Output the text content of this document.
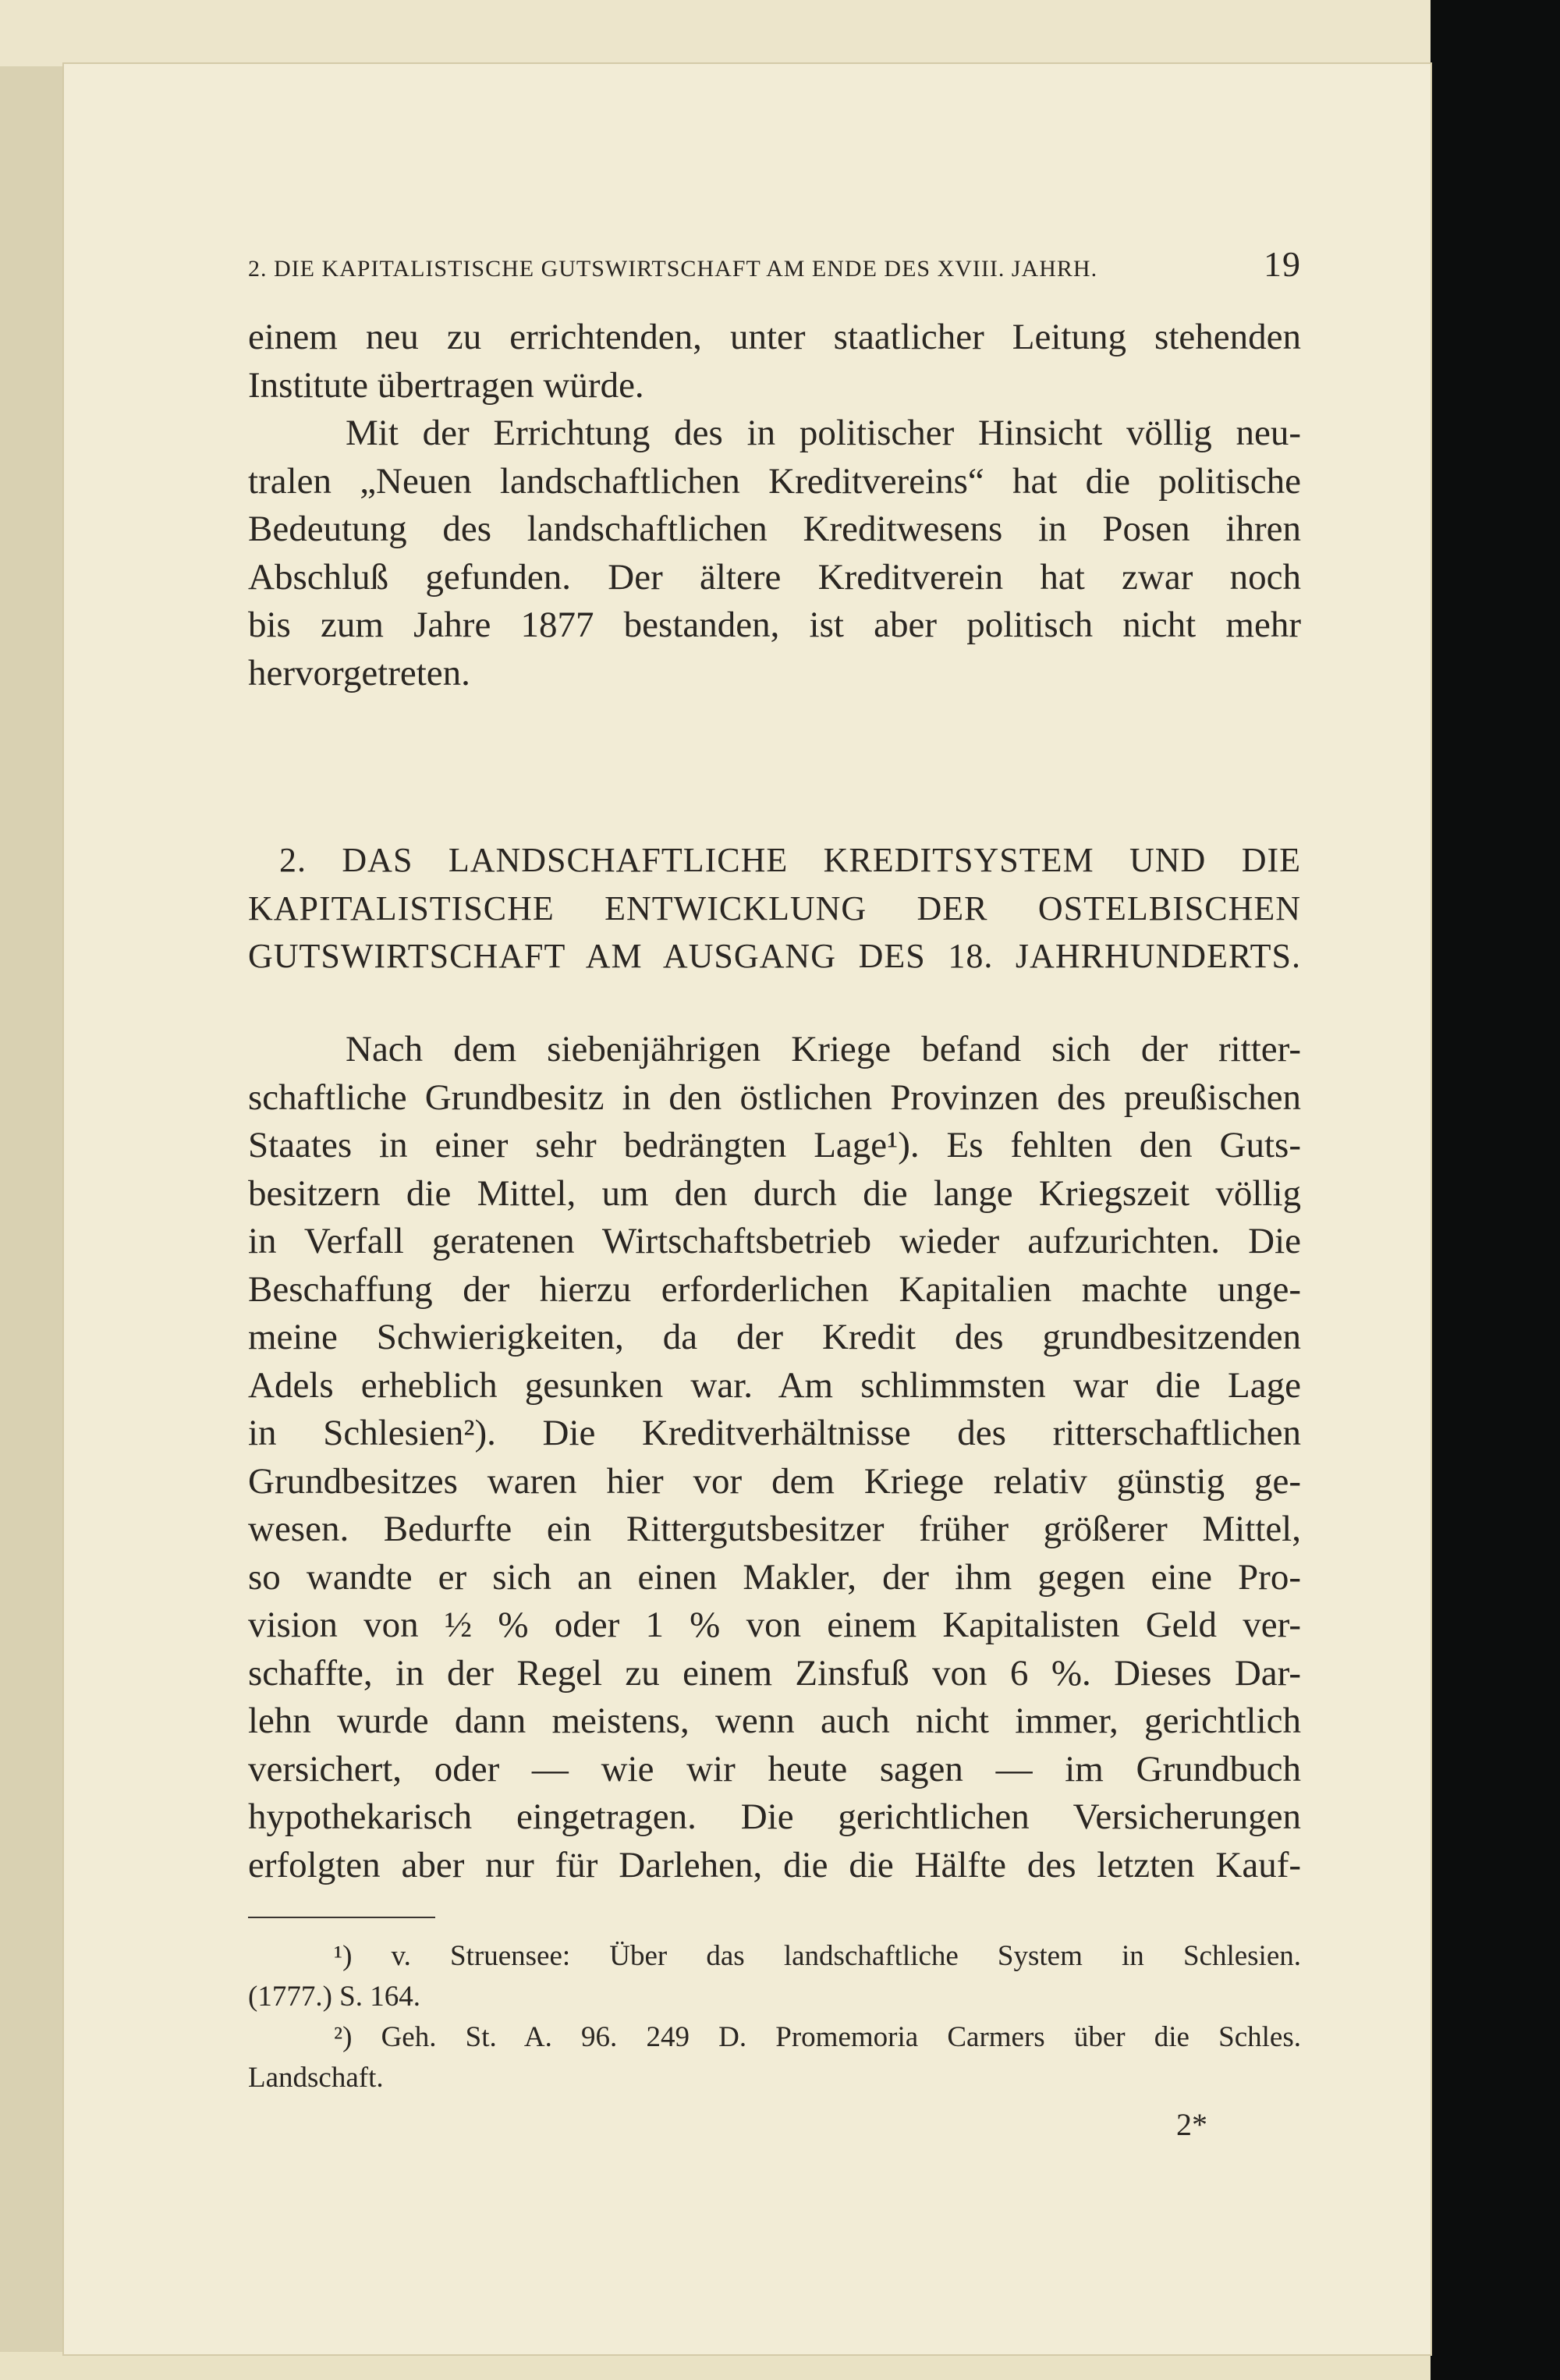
2. DIE KAPITALISTISCHE GUTSWIRTSCHAFT AM ENDE DES XVIII. JAHRH.	19
einem neu zu errichtenden, unter staatlicher Leitung stehenden
Institute übertragen würde.
Mit der Errichtung des in politischer Hinsicht völlig neu-
tralen „Neuen landschaftlichen Kreditvereins“ hat die politische
Bedeutung des landschaftlichen Kreditwesens in Posen ihren
Abschluß gefunden. Der ältere Kreditverein hat zwar noch
bis zum Jahre 1877 bestanden, ist aber politisch nicht mehr
hervorgetreten.
2. DAS LANDSCHAFTLICHE KREDITSYSTEM UND DIE
KAPITALISTISCHE ENTWICKLUNG DER OSTELBISCHEN
GUTSWIRTSCHAFT AM AUSGANG DES 18. JAHRHUNDERTS.
Nach dem siebenjährigen Kriege befand sich der ritter-
schaftliche Grundbesitz in den östlichen Provinzen des preußischen
Staates in einer sehr bedrängten Lage¹). Es fehlten den Guts-
besitzern die Mittel, um den durch die lange Kriegszeit völlig
in Verfall geratenen Wirtschaftsbetrieb wieder aufzurichten. Die
Beschaffung der hierzu erforderlichen Kapitalien machte unge-
meine Schwierigkeiten, da der Kredit des grundbesitzenden
Adels erheblich gesunken war. Am schlimmsten war die Lage
in Schlesien²). Die Kreditverhältnisse des ritterschaftlichen
Grundbesitzes waren hier vor dem Kriege relativ günstig ge-
wesen. Bedurfte ein Rittergutsbesitzer früher größerer Mittel,
so wandte er sich an einen Makler, der ihm gegen eine Pro-
vision von ½ % oder 1 % von einem Kapitalisten Geld ver-
schaffte, in der Regel zu einem Zinsfuß von 6 %. Dieses Dar-
lehn wurde dann meistens, wenn auch nicht immer, gerichtlich
versichert, oder — wie wir heute sagen — im Grundbuch
hypothekarisch eingetragen. Die gerichtlichen Versicherungen
erfolgten aber nur für Darlehen, die die Hälfte des letzten Kauf-
¹) v. Struensee: Über das landschaftliche System in Schlesien.
(1777.) S. 164.
²) Geh. St. A. 96. 249 D. Promemoria Carmers über die Schles.
Landschaft.
2*
